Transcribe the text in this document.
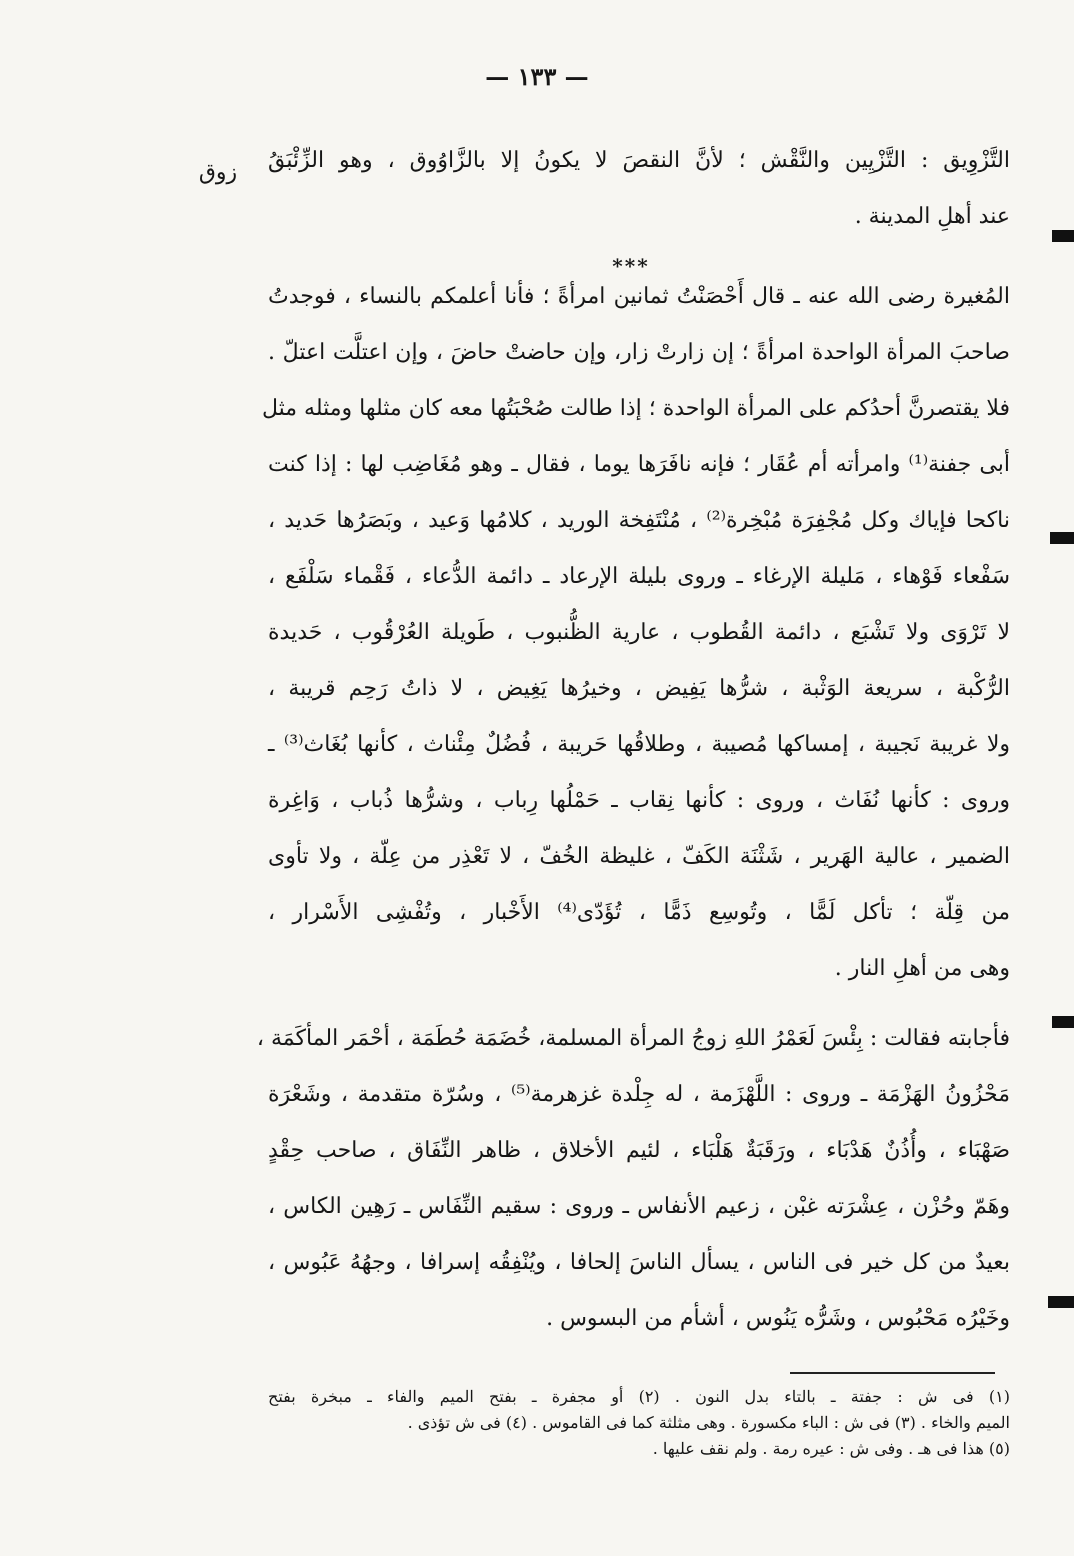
— ١٣٣ —
زوق	التَّزْوِيق : التَّزْيِين والنَّقْش ؛ لأنَّ النقصَ لا يكونُ إلا بالزَّاوُوق ، وهو الزِّئْبَقُ
عند أهلِ المدينة .
***
المُغيرة رضى الله عنه ـ قال أَحْصَنْتُ ثمانين امرأةً ؛ فأنا أعلمكم بالنساء ، فوجدتُ
صاحبَ المرأة الواحدة امرأةً ؛ إن زارتْ زار، وإن حاضتْ حاضَ ، وإن اعتلَّت اعتلّ .
فلا يقتصرنَّ أحدُكم على المرأة الواحدة ؛ إذا طالت صُحْبَتُها معه كان مثلها ومثله مثل
أبى جفنة⁽¹⁾ وامرأته أم عُقَار ؛ فإنه نافَرَها يوما ، فقال ـ وهو مُغَاضِب لها : إذا كنت
ناكحا فإياك وكل مُجْفِرَة مُبْخِرة⁽²⁾ ، مُنْتَفِخة الوريد ، كلامُها وَعيد ، وبَصَرُها حَديد ،
سَفْعاء فَوْهاء ، مَليلة الإرغاء ـ وروى بليلة الإرعاد ـ دائمة الدُّعاء ، فَقْماء سَلْفَع ،
لا تَرْوَى ولا تَشْبَع ، دائمة القُطوب ، عارية الظُّنبوب ، طَويلة العُرْقُوب ، حَديدة
الرُّكْبة ، سريعة الوَثْبة ، شرُّها يَفِيض ، وخيرُها يَغِيض ، لا ذاتُ رَحِم قريبة ،
ولا غريبة نَجيبة ، إمساكها مُصيبة ، وطلاقُها حَريبة ، فُضُلٌ مِئْناث ، كأنها بُغَاث⁽³⁾ ـ
وروى : كأنها نُفَاث ، وروى : كأنها نِقاب ـ حَمْلُها رِباب ، وشرُّها ذُباب ، وَاغِرة
الضمير ، عالية الهَرير ، شَثْنَة الكَفّ ، غليظة الخُفّ ، لا تَعْذِر من عِلّة ، ولا تأوى
من قِلّة ؛ تأكل لَمًّا ، وتُوسِع ذَمًّا ، تُؤَدّى⁽⁴⁾ الأَخْبار ، وتُفْشِى الأَسْرار ،
وهى من أهلِ النار .
فأجابته فقالت : بِئْسَ لَعَمْرُ اللهِ زوجُ المرأة المسلمة، خُضَمَة حُطَمَة ، أحْمَر المأكَمَة ،
مَحْزُونُ الهَزْمَة ـ وروى : اللَّهْزَمة ، له جِلْدة غزهرمة⁽⁵⁾ ، وسُرّة متقدمة ، وشَعْرَة
صَهْبَاء ، وأُذُنٌ هَدْبَاء ، ورَقَبَةٌ هَلْبَاء ، لئيم الأخلاق ، ظاهر النِّفَاق ، صاحب حِقْدٍ
وهَمّ وحُزْن ، عِشْرَته غبْن ، زعيم الأنفاس ـ وروى : سقيم النِّفَاس ـ رَهِين الكاس ،
بعيدٌ من كل خير فى الناس ، يسأل الناسَ إلحافا ، ويُنْفِقُه إسرافا ، وجهُهُ عَبُوس ،
وخَيْرُه مَحْبُوس ، وشَرُّه يَنُوس ، أشأم من البسوس .
(١) فى ش : جفتة ـ بالتاء بدل النون . (٢) أو مجفرة ـ بفتح الميم والفاء ـ مبخرة بفتح
الميم والخاء . (٣) فى ش : الباء مكسورة . وهى مثلثة كما فى القاموس . (٤) فى ش تؤذى .
(٥) هذا فى هـ . وفى ش : عيره رمة . ولم نقف عليها .
